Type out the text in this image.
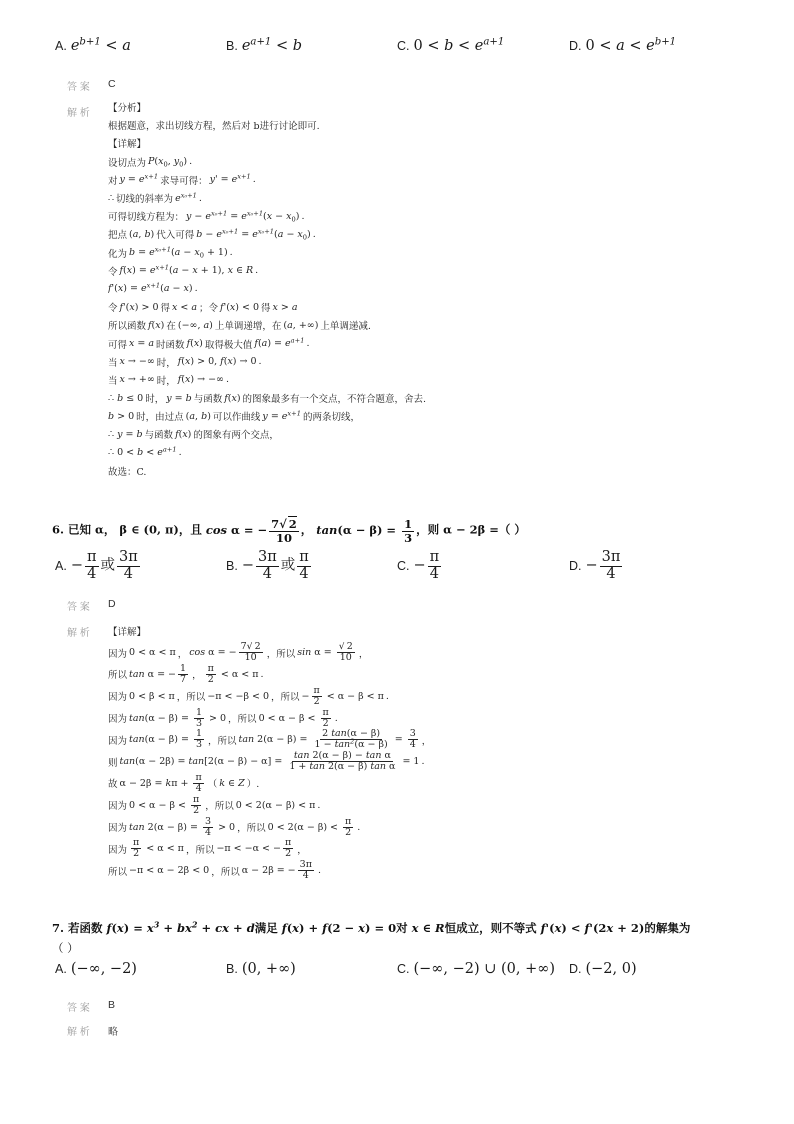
A. $e^{b+1} < a$	B. $e^{a+1} < b$	C. $0 < b < e^{a+1}$	D. $0 < a < e^{b+1}$
答 案 C
解 析 【分析】
根据题意，求出切线方程，然后对 b进行讨论即可.
【详解】
设切点为 $P(x_0$, $y_0$) .
对 $y = e^{x+1}$ 求导可得： $y' = e^{x+1}$ .
∴ 切线的斜率为 $e^{x_0+1}$ .
可得切线方程为： $y - e^{x_0+1} = e^{x_0+1}(x - x_0)$ .
把点 (a, b) 代入可得 $b - e^{x_0+1} = e^{x_0+1}(a - x_0)$ .
化为 $b = e^{x_0+1}(a - x_0 + 1)$ .
令 $f(x) = e^{x+1}(a - x + 1)$, x ∈ R .
$f'(x) = e^{x+1}(a - x)$ .
令 f'(x) > 0 得 x < a ；令 f'(x) < 0 得 x > a
所以函数 f(x) 在 (−∞, a) 上单调递增，在 (a, +∞) 上单调递减.
可得 x = a 时函数 f(x) 取得极大值 $f(a) = e^{a+1}$ .
当 x → −∞ 时， f(x) > 0, f(x) → 0 .
当 x → +∞ 时， f(x) → −∞ .
∴ b ≤ 0 时， y = b 与函数 f(x) 的图象最多有一个交点，不符合题意，舍去.
b > 0 时，由过点 (a, b) 可以作曲线 $y = e^{x+1}$ 的两条切线，
∴ y = b 与函数 f(x) 的图象有两个交点，
∴ $0 < b < e^{a+1}$ .
故选：C.
6. 已知 α， β ∈ (0, π)，且 cos α = − $\frac{7√ 2}{10}$ ， $\tan(\alpha - \beta) = \frac{1}{3}$ ，则 α − 2β =（ ）
A. − $\frac{\pi}{4}$ 或 $\frac{3\pi}{4}$	B. − $\frac{3\pi}{4}$ 或 $\frac{\pi}{4}$	C. − $\frac{\pi}{4}$	D. − $\frac{3\pi}{4}$
答 案 D
解 析 【详解】
因为 0 < α < π ， cos α = − $\frac{7√ 2}{10}$ ，所以 $\sin \alpha = \frac{√ 2}{10}$ ，
所以 tan α = − $\frac{1}{7}$ ， $\frac{\pi}{2} < \alpha < \pi$ .
因为 0 < β < π ，所以 −π < −β < 0 ，所以 − $\frac{\pi}{2} < \alpha - \beta < \pi$ .
因为 $\tan(\alpha - \beta) = \frac{1}{3} > 0$ ，所以 $0 < \alpha - \beta < \frac{\pi}{2}$ .
因为 $\tan(\alpha - \beta) = \frac{1}{3}$ ，所以 $\tan 2(\alpha - \beta) = \frac{2 \tan(\alpha - \beta)}{1 - \tan^2(\alpha - \beta)} = \frac{3}{4}$ ，
则 $\tan(\alpha - 2\beta) = \tan[2(\alpha - \beta) - \alpha] = \frac{\text{tan 2(α − β) − tan α}}{\text{1 + tan 2(α − β) tan α}} = 1$ .
故 $\alpha - 2\beta = k\pi + \frac{\pi}{4}$ （ k ∈ Z ）.
因为 $0 < \alpha - \beta < \frac{\pi}{2}$ ，所以 0 < 2(α − β) < π .
因为 $\tan 2(\alpha - \beta) = \frac{3}{4} > 0$ ，所以 $0 < 2(\alpha - \beta) < \frac{\pi}{2}$ .
因为 $\frac{\pi}{2} < \alpha < \pi$ ，所以 −π < −α < − $\frac{\pi}{2}$ ，
所以 −π < α − 2β < 0 ，所以 α − 2β = − $\frac{3\pi}{4}$ .
7. 若函数 $f(x) = x^3 + bx^2$ + cx + d满足 f(x) + f(2 − x) = 0对 x ∈ R恒成立，则不等式 f'(x) < f'(2x + 2)的解集为
（ ）
A. (−∞, −2)	B. (0, +∞)	C. (−∞, −2) ∪ (0, +∞) D. (−2, 0)
答 案 B
解 析 略
